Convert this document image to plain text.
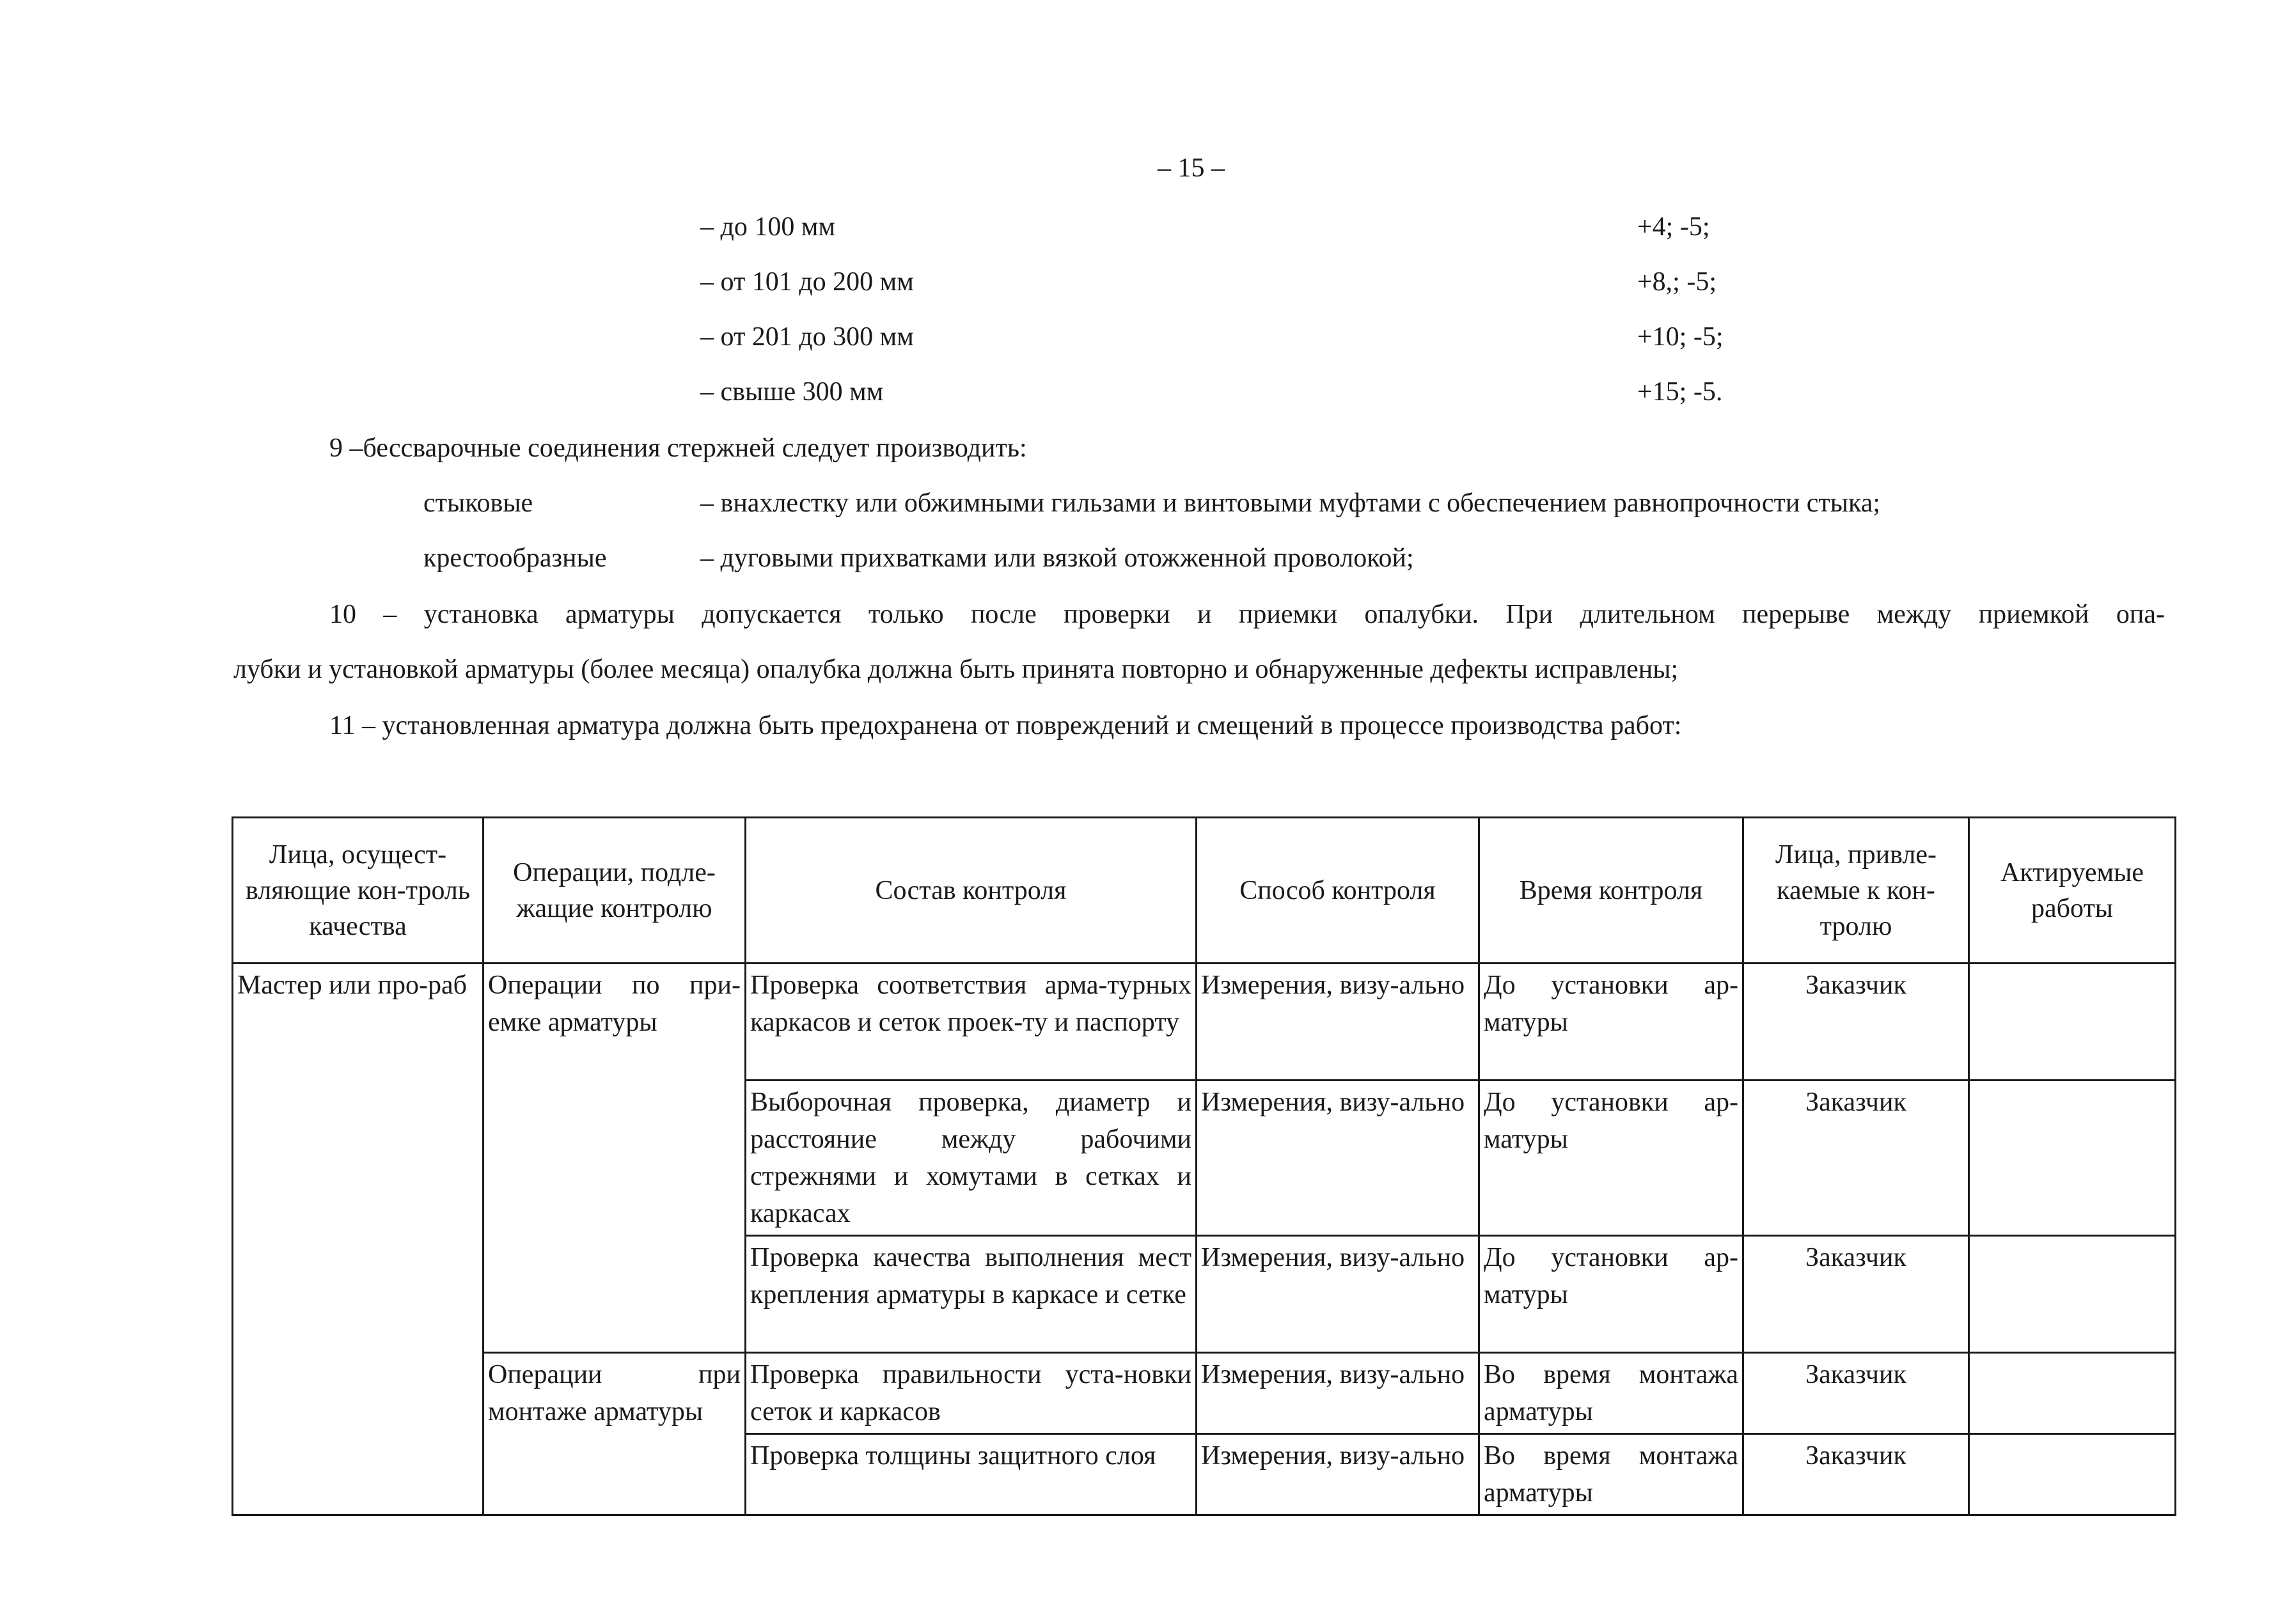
– 15 –
– до 100 мм	+4; -5;
– от 101 до 200 мм	+8,; -5;
– от 201 до 300 мм	+10; -5;
– свыше 300 мм	+15; -5.
9 –бессварочные соединения стержней следует производить:
стыковые	– внахлестку или обжимными гильзами и винтовыми муфтами с обеспечением равнопрочности стыка;
крестообразные	– дуговыми прихватками или вязкой отожженной проволокой;
10 – установка арматуры допускается только после проверки и приемки опалубки. При длительном перерыве между приемкой опа-
лубки и установкой арматуры (более месяца) опалубка должна быть принята повторно и обнаруженные дефекты исправлены;
11 – установленная арматура должна быть предохранена от повреждений и смещений в процессе производства работ:
Лица, осущест-вляющие кон-троль качества	Операции, подле-жащие контролю	Состав контроля	Способ контроля	Время контроля	Лица, привле-каемые к кон-тролю	Актируемые работы
Мастер или про-раб	Операции по при-емке арматуры	Проверка соответствия арма-турных каркасов и сеток проек-ту и паспорту	Измерения, визу-ально	До установки ар-матуры	Заказчик	
		Выборочная проверка, диаметр и расстояние между рабочими стрежнями и хомутами в сетках и каркасах	Измерения, визу-ально	До установки ар-матуры	Заказчик	
		Проверка качества выполнения мест крепления арматуры в каркасе и сетке	Измерения, визу-ально	До установки ар-матуры	Заказчик	
	Операции при монтаже арматуры	Проверка правильности уста-новки сеток и каркасов	Измерения, визу-ально	Во время монтажа арматуры	Заказчик	
		Проверка толщины защитного слоя	Измерения, визу-ально	Во время монтажа арматуры	Заказчик	
